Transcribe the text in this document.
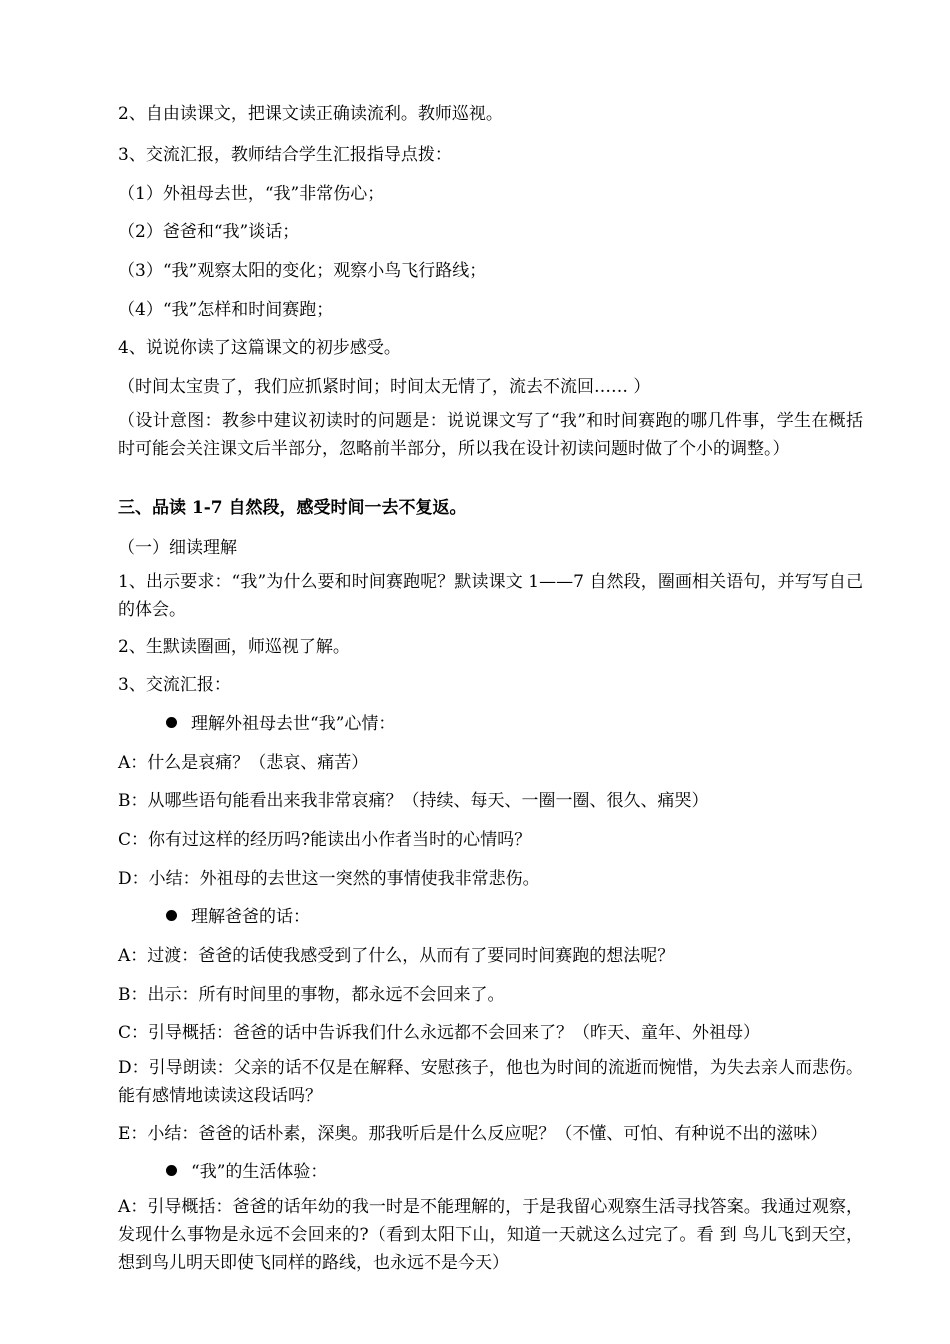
2、自由读课文，把课文读正确读流利。教师巡视。
3、交流汇报，教师结合学生汇报指导点拨：
（1）外祖母去世，“我”非常伤心；
（2）爸爸和“我”谈话；
（3）“我”观察太阳的变化；观察小鸟飞行路线；
（4）“我”怎样和时间赛跑；
4、说说你读了这篇课文的初步感受。
（时间太宝贵了，我们应抓紧时间；时间太无情了，流去不流回…… ）
（设计意图：教参中建议初读时的问题是：说说课文写了“我”和时间赛跑的哪几件事，学生在概括时可能会关注课文后半部分，忽略前半部分，所以我在设计初读问题时做了个小的调整。）
三、品读 1-7 自然段，感受时间一去不复返。
（一）细读理解
1、出示要求：“我”为什么要和时间赛跑呢？默读课文 1——7 自然段，圈画相关语句，并写写自己的体会。
2、生默读圈画，师巡视了解。
3、交流汇报：
理解外祖母去世“我”心情：
A：什么是哀痛？（悲哀、痛苦）
B：从哪些语句能看出来我非常哀痛？（持续、每天、一圈一圈、很久、痛哭）
C：你有过这样的经历吗?能读出小作者当时的心情吗？
D：小结：外祖母的去世这一突然的事情使我非常悲伤。
理解爸爸的话：
A：过渡：爸爸的话使我感受到了什么，从而有了要同时间赛跑的想法呢？
B：出示：所有时间里的事物，都永远不会回来了。
C：引导概括：爸爸的话中告诉我们什么永远都不会回来了？（昨天、童年、外祖母）
D：引导朗读：父亲的话不仅是在解释、安慰孩子，他也为时间的流逝而惋惜，为失去亲人而悲伤。能有感情地读读这段话吗？
E：小结：爸爸的话朴素，深奥。那我听后是什么反应呢？（不懂、可怕、有种说不出的滋味）
“我”的生活体验：
A：引导概括：爸爸的话年幼的我一时是不能理解的，于是我留心观察生活寻找答案。我通过观察，发现什么事物是永远不会回来的?（看到太阳下山，知道一天就这么过完了。看 到 鸟儿飞到天空，想到鸟儿明天即使飞同样的路线，也永远不是今天）
